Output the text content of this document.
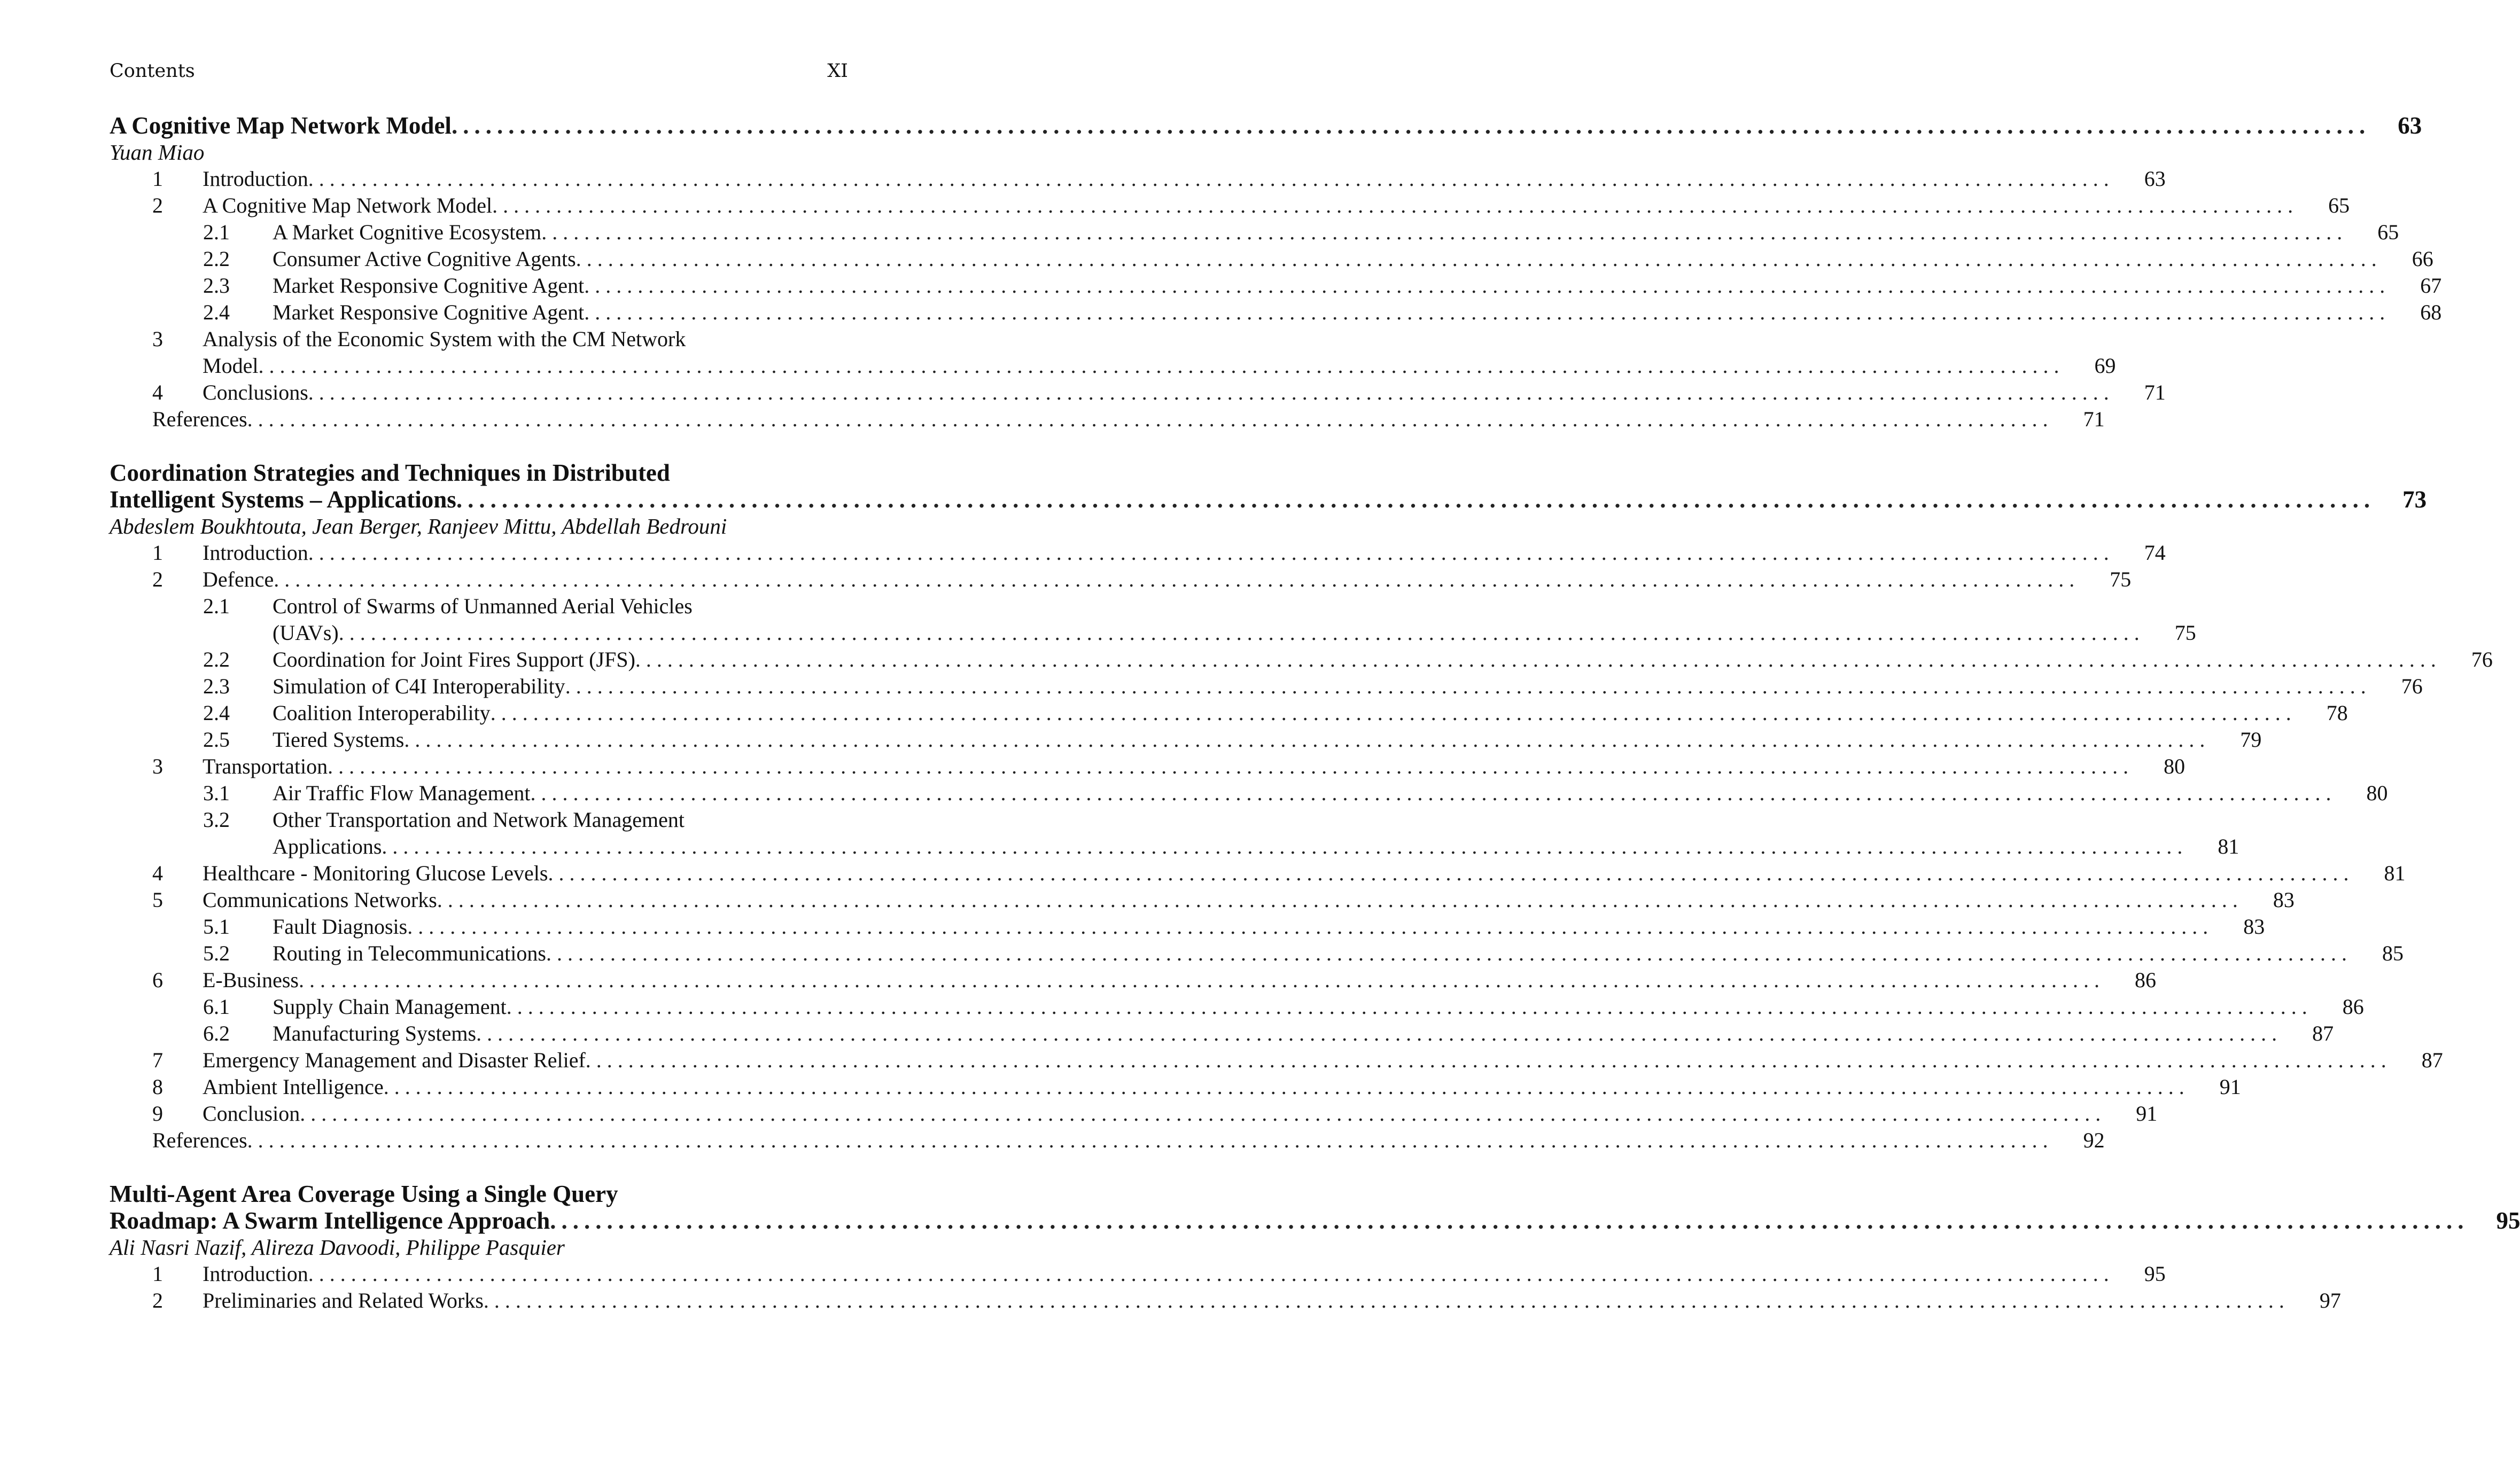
Contents	XI
A Cognitive Map Network Model .....	63
Yuan Miao
1	Introduction .....	63
2	A Cognitive Map Network Model .....	65
2.1	A Market Cognitive Ecosystem .....	65
2.2	Consumer Active Cognitive Agents .....	66
2.3	Market Responsive Cognitive Agent .....	67
2.4	Market Responsive Cognitive Agent .....	68
3	Analysis of the Economic System with the CM Network
Model .....	69
4	Conclusions .....	71
References .....	71
Coordination Strategies and Techniques in Distributed
Intelligent Systems – Applications .....	73
Abdeslem Boukhtouta, Jean Berger, Ranjeev Mittu, Abdellah Bedrouni
1	Introduction .....	74
2	Defence .....	75
2.1	Control of Swarms of Unmanned Aerial Vehicles
(UAVs) .....	75
2.2	Coordination for Joint Fires Support (JFS) .....	76
2.3	Simulation of C4I Interoperability .....	76
2.4	Coalition Interoperability .....	78
2.5	Tiered Systems .....	79
3	Transportation .....	80
3.1	Air Traffic Flow Management .....	80
3.2	Other Transportation and Network Management
Applications .....	81
4	Healthcare - Monitoring Glucose Levels .....	81
5	Communications Networks .....	83
5.1	Fault Diagnosis .....	83
5.2	Routing in Telecommunications .....	85
6	E-Business .....	86
6.1	Supply Chain Management .....	86
6.2	Manufacturing Systems .....	87
7	Emergency Management and Disaster Relief .....	87
8	Ambient Intelligence .....	91
9	Conclusion .....	91
References .....	92
Multi-Agent Area Coverage Using a Single Query
Roadmap: A Swarm Intelligence Approach .....	95
Ali Nasri Nazif, Alireza Davoodi, Philippe Pasquier
1	Introduction .....	95
2	Preliminaries and Related Works .....	97
